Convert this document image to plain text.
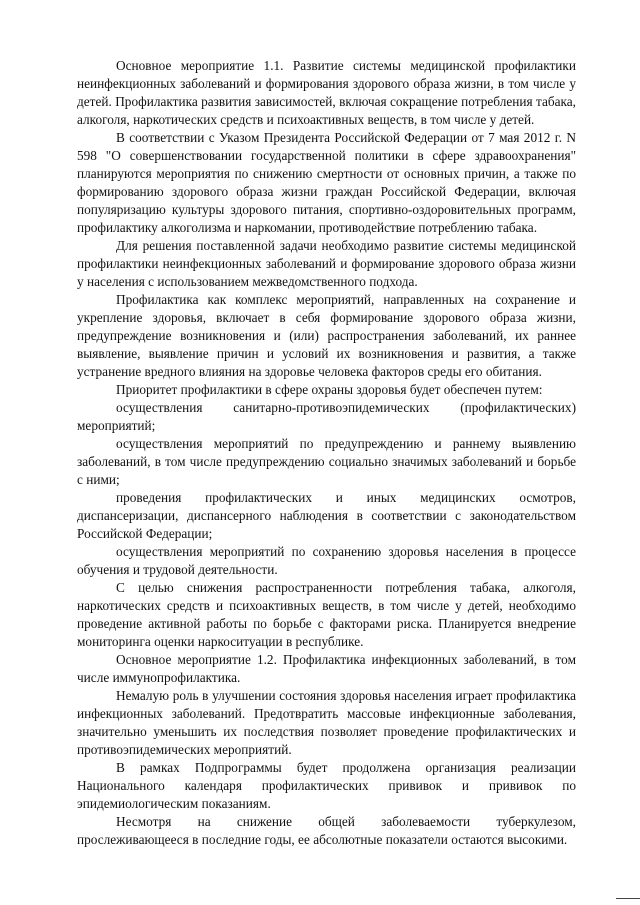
Основное мероприятие 1.1. Развитие системы медицинской профилактики неинфекционных заболеваний и формирования здорового образа жизни, в том числе у детей. Профилактика развития зависимостей, включая сокращение потребления табака, алкоголя, наркотических средств и психоактивных веществ, в том числе у детей.

В соответствии с Указом Президента Российской Федерации от 7 мая 2012 г. N 598 "О совершенствовании государственной политики в сфере здравоохранения" планируются мероприятия по снижению смертности от основных причин, а также по формированию здорового образа жизни граждан Российской Федерации, включая популяризацию культуры здорового питания, спортивно-оздоровительных программ, профилактику алкоголизма и наркомании, противодействие потреблению табака.

Для решения поставленной задачи необходимо развитие системы медицинской профилактики неинфекционных заболеваний и формирование здорового образа жизни у населения с использованием межведомственного подхода.

Профилактика как комплекс мероприятий, направленных на сохранение и укрепление здоровья, включает в себя формирование здорового образа жизни, предупреждение возникновения и (или) распространения заболеваний, их раннее выявление, выявление причин и условий их возникновения и развития, а также устранение вредного влияния на здоровье человека факторов среды его обитания.

Приоритет профилактики в сфере охраны здоровья будет обеспечен путем:

осуществления санитарно-противоэпидемических (профилактических) мероприятий;

осуществления мероприятий по предупреждению и раннему выявлению заболеваний, в том числе предупреждению социально значимых заболеваний и борьбе с ними;

проведения профилактических и иных медицинских осмотров, диспансеризации, диспансерного наблюдения в соответствии с законодательством Российской Федерации;

осуществления мероприятий по сохранению здоровья населения в процессе обучения и трудовой деятельности.

С целью снижения распространенности потребления табака, алкоголя, наркотических средств и психоактивных веществ, в том числе у детей, необходимо проведение активной работы по борьбе с факторами риска. Планируется внедрение мониторинга оценки наркоситуации в республике.

Основное мероприятие 1.2. Профилактика инфекционных заболеваний, в том числе иммунопрофилактика.

Немалую роль в улучшении состояния здоровья населения играет профилактика инфекционных заболеваний. Предотвратить массовые инфекционные заболевания, значительно уменьшить их последствия позволяет проведение профилактических и противоэпидемических мероприятий.

В рамках Подпрограммы будет продолжена организация реализации Национального календаря профилактических прививок и прививок по эпидемиологическим показаниям.

Несмотря на снижение общей заболеваемости туберкулезом, прослеживающееся в последние годы, ее абсолютные показатели остаются высокими.
